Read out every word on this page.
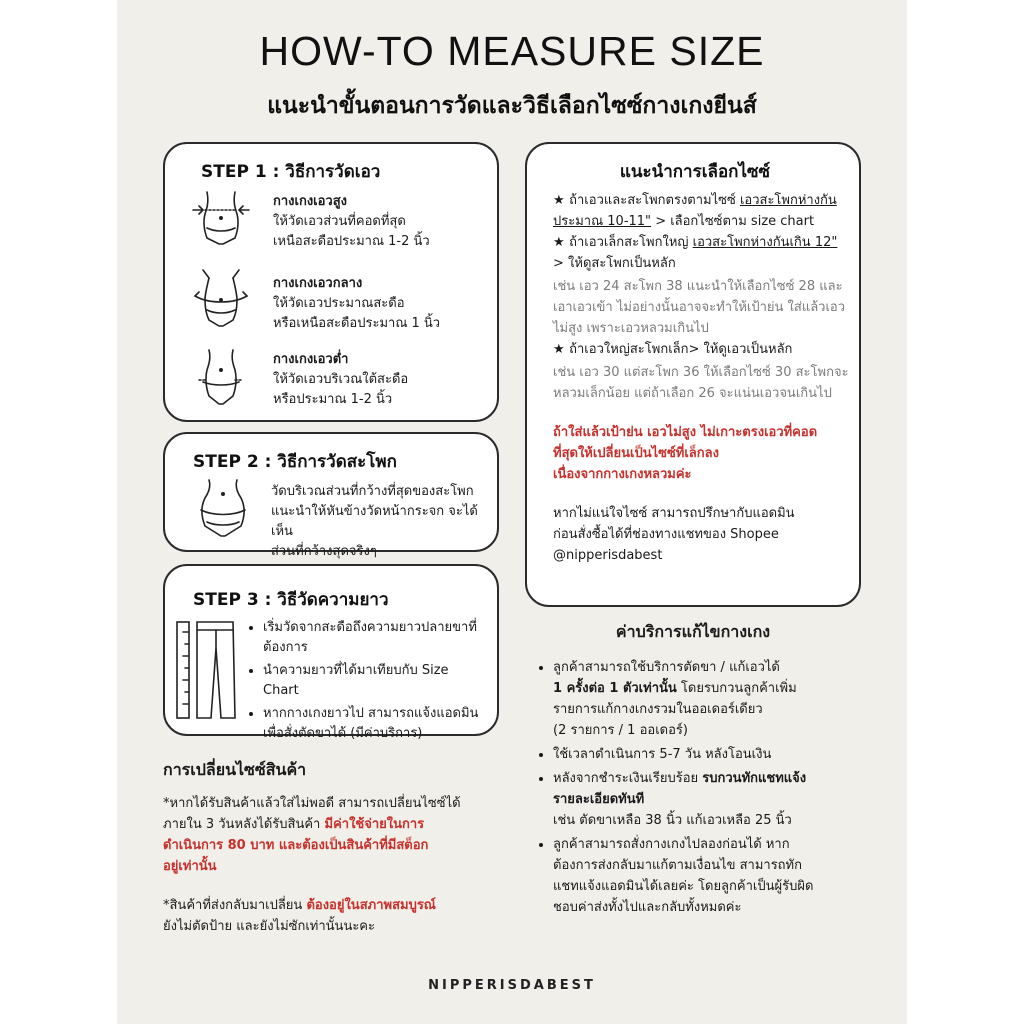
HOW-TO MEASURE SIZE
แนะนำขั้นตอนการวัดและวิธีเลือกไซซ์กางเกงยีนส์
STEP 1 : วิธีการวัดเอว
กางเกงเอวสูง
ให้วัดเอวส่วนที่คอดที่สุด
เหนือสะดือประมาณ 1-2 นิ้ว
กางเกงเอวกลาง
ให้วัดเอวประมาณสะดือ
หรือเหนือสะดือประมาณ 1 นิ้ว
กางเกงเอวต่ำ
ให้วัดเอวบริเวณใต้สะดือ
หรือประมาณ 1-2 นิ้ว
STEP 2 : วิธีการวัดสะโพก
วัดบริเวณส่วนที่กว้างที่สุดของสะโพก
แนะนำให้หันข้างวัดหน้ากระจก จะได้เห็น
ส่วนที่กว้างสุดจริงๆ
STEP 3 : วิธีวัดความยาว
• เริ่มวัดจากสะดือถึงความยาวปลายขาที่ต้องการ
• นำความยาวที่ได้มาเทียบกับ Size Chart
• หากกางเกงยาวไป สามารถแจ้งแอดมินเพื่อสั่งตัดขาได้ (มีค่าบริการ)
แนะนำการเลือกไซซ์
★ ถ้าเอวและสะโพกตรงตามไซซ์ เอวสะโพกห่างกัน
ประมาณ 10-11" > เลือกไซซ์ตาม size chart
★ ถ้าเอวเล็กสะโพกใหญ่ เอวสะโพกห่างกันเกิน 12"
> ให้ดูสะโพกเป็นหลัก
เช่น เอว 24 สะโพก 38 แนะนำให้เลือกไซซ์ 28 และ
เอาเอวเข้า ไม่อย่างนั้นอาจจะทำให้เป้าย่น ใส่แล้วเอว
ไม่สูง เพราะเอวหลวมเกินไป
★ ถ้าเอวใหญ่สะโพกเล็ก> ให้ดูเอวเป็นหลัก
เช่น เอว 30 แต่สะโพก 36 ให้เลือกไซซ์ 30 สะโพกจะ
หลวมเล็กน้อย แต่ถ้าเลือก 26 จะแน่นเอวจนเกินไป
ถ้าใส่แล้วเป้าย่น เอวไม่สูง ไม่เกาะตรงเอวที่คอด
ที่สุดให้เปลี่ยนเป็นไซซ์ที่เล็กลง
เนื่องจากกางเกงหลวมค่ะ
หากไม่แน่ใจไซซ์ สามารถปรึกษากับแอดมิน
ก่อนสั่งซื้อได้ที่ช่องทางแชทของ Shopee
@nipperisdabest
การเปลี่ยนไซซ์สินค้า
*หากได้รับสินค้าแล้วใส่ไม่พอดี สามารถเปลี่ยนไซซ์ได้
ภายใน 3 วันหลังได้รับสินค้า มีค่าใช้จ่ายในการ
ดำเนินการ 80 บาท และต้องเป็นสินค้าที่มีสต็อก
อยู่เท่านั้น
*สินค้าที่ส่งกลับมาเปลี่ยน ต้องอยู่ในสภาพสมบูรณ์
ยังไม่ตัดป้าย และยังไม่ซักเท่านั้นนะคะ
ค่าบริการแก้ไขกางเกง
• ลูกค้าสามารถใช้บริการตัดขา / แก้เอวได้
1 ครั้งต่อ 1 ตัวเท่านั้น โดยรบกวนลูกค้าเพิ่ม
รายการแก้กางเกงรวมในออเดอร์เดียว
(2 รายการ / 1 ออเดอร์)
• ใช้เวลาดำเนินการ 5-7 วัน หลังโอนเงิน
• หลังจากชำระเงินเรียบร้อย รบกวนทักแชทแจ้ง
รายละเอียดทันที
เช่น ตัดขาเหลือ 38 นิ้ว แก้เอวเหลือ 25 นิ้ว
• ลูกค้าสามารถสั่งกางเกงไปลองก่อนได้ หาก
ต้องการส่งกลับมาแก้ตามเงื่อนไข สามารถทัก
แชทแจ้งแอดมินได้เลยค่ะ โดยลูกค้าเป็นผู้รับผิด
ชอบค่าส่งทั้งไปและกลับทั้งหมดค่ะ
NIPPERISDABEST
